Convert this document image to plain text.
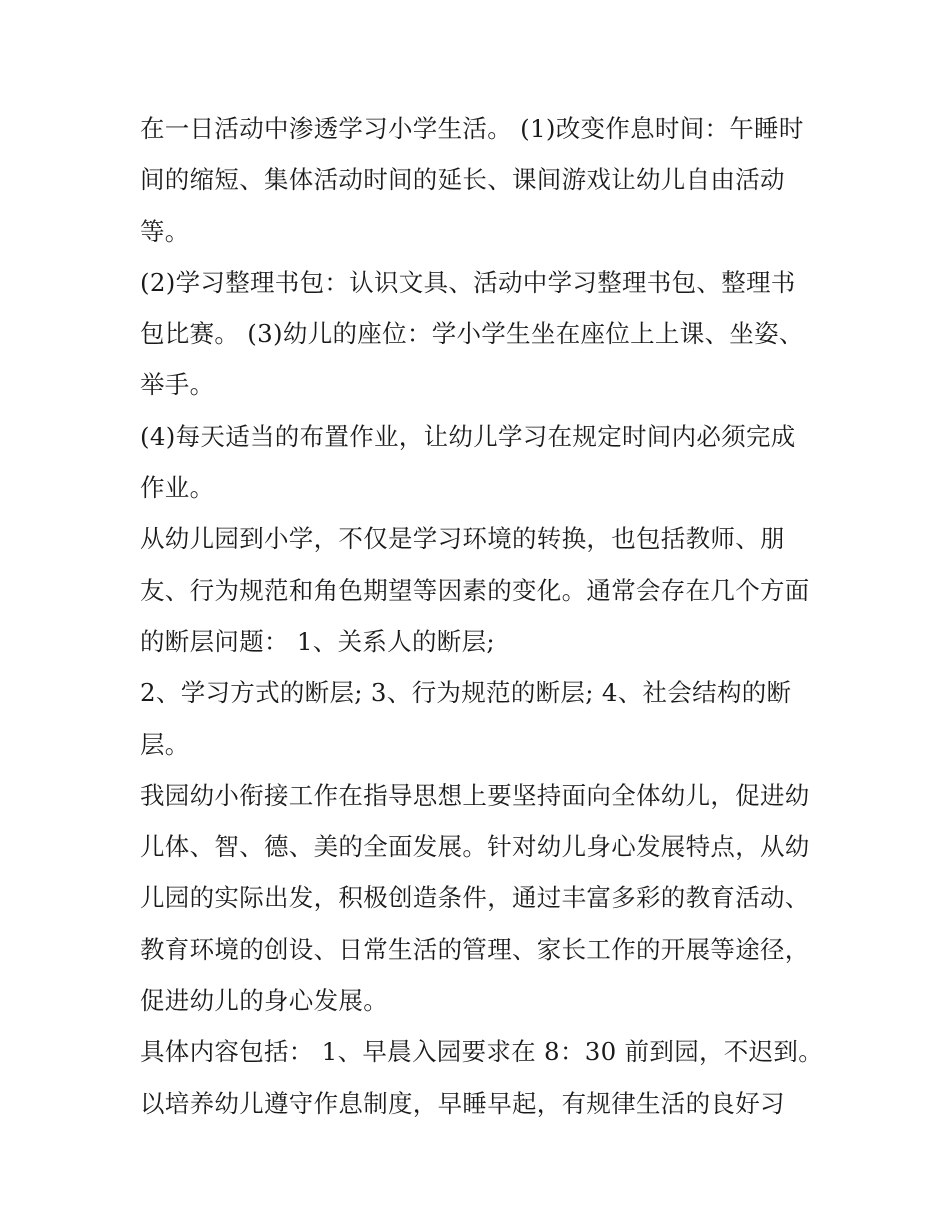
在一日活动中渗透学习小学生活。 (1)改变作息时间：午睡时
间的缩短、集体活动时间的延长、课间游戏让幼儿自由活动
等。
(2)学习整理书包：认识文具、活动中学习整理书包、整理书
包比赛。 (3)幼儿的座位：学小学生坐在座位上上课、坐姿、
举手。
(4)每天适当的布置作业，让幼儿学习在规定时间内必须完成
作业。
从幼儿园到小学，不仅是学习环境的转换，也包括教师、朋
友、行为规范和角色期望等因素的变化。通常会存在几个方面
的断层问题： 1、关系人的断层;
2、学习方式的断层; 3、行为规范的断层; 4、社会结构的断
层。
我园幼小衔接工作在指导思想上要坚持面向全体幼儿，促进幼
儿体、智、德、美的全面发展。针对幼儿身心发展特点，从幼
儿园的实际出发，积极创造条件，通过丰富多彩的教育活动、
教育环境的创设、日常生活的管理、家长工作的开展等途径，
促进幼儿的身心发展。
具体内容包括： 1、早晨入园要求在 8：30 前到园，不迟到。
以培养幼儿遵守作息制度，早睡早起，有规律生活的良好习
